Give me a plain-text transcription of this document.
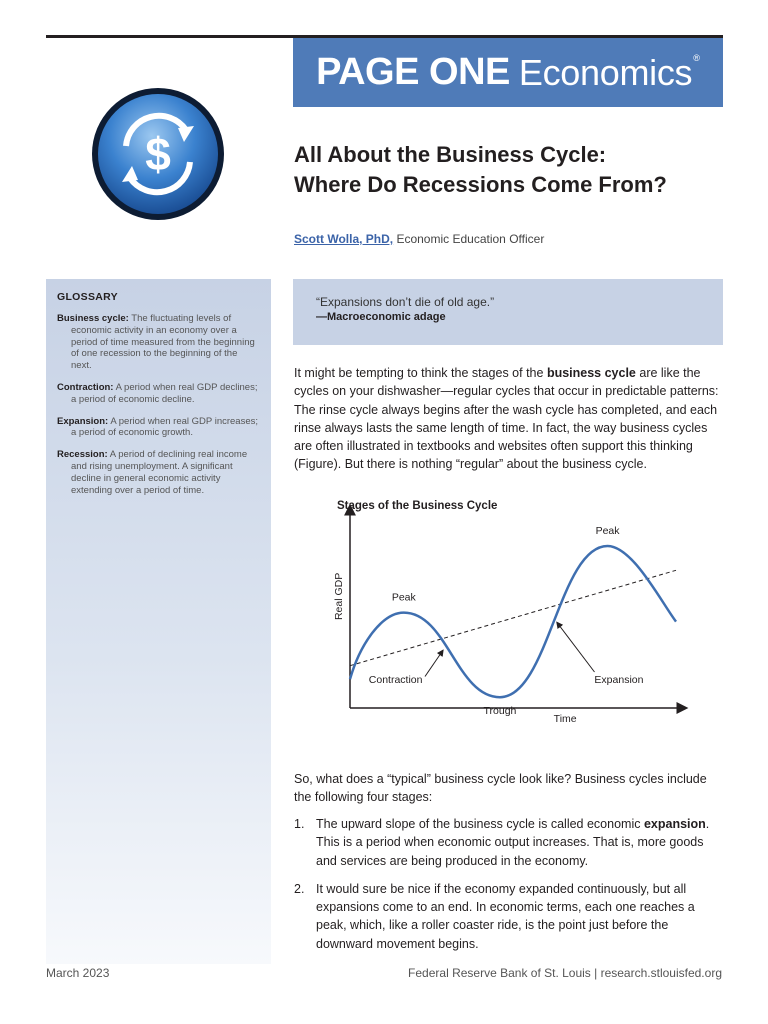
PAGE ONE Economics ®
$	All About the Business Cycle:
Where Do Recessions Come From?
Scott Wolla, PhD, Economic Education Officer
GLOSSARY
Business cycle: The fluctuating levels of economic activity in an economy over a period of time measured from the beginning of one recession to the beginning of the next.
Contraction: A period when real GDP declines; a period of economic decline.
Expansion: A period when real GDP increases; a period of economic growth.
Recession: A period of declining real income and rising unemployment. A significant decline in general economic activity extending over a period of time.
“Expansions don’t die of old age.”
—Macroeconomic adage

It might be tempting to think the stages of the business cycle are like the cycles on your dishwasher—regular cycles that occur in predictable patterns: The rinse cycle always begins after the wash cycle has completed, and each rinse always lasts the same length of time. In fact, the way business cycles are often illustrated in textbooks and websites often support this thinking (Figure). But there is nothing “regular” about the business cycle.

Stages of the Business Cycle
Real GDP
Time
Peak
Trough
Peak
Contraction	Expansion

So, what does a “typical” business cycle look like? Business cycles include the following four stages:

1. The upward slope of the business cycle is called economic expansion. This is a period when economic output increases. That is, more goods and services are being produced in the economy.
2. It would sure be nice if the economy expanded continuously, but all expansions come to an end. In economic terms, each one reaches a peak, which, like a roller coaster ride, is the point just before the downward movement begins.
March 2023	Federal Reserve Bank of St. Louis | research.stlouisfed.org
